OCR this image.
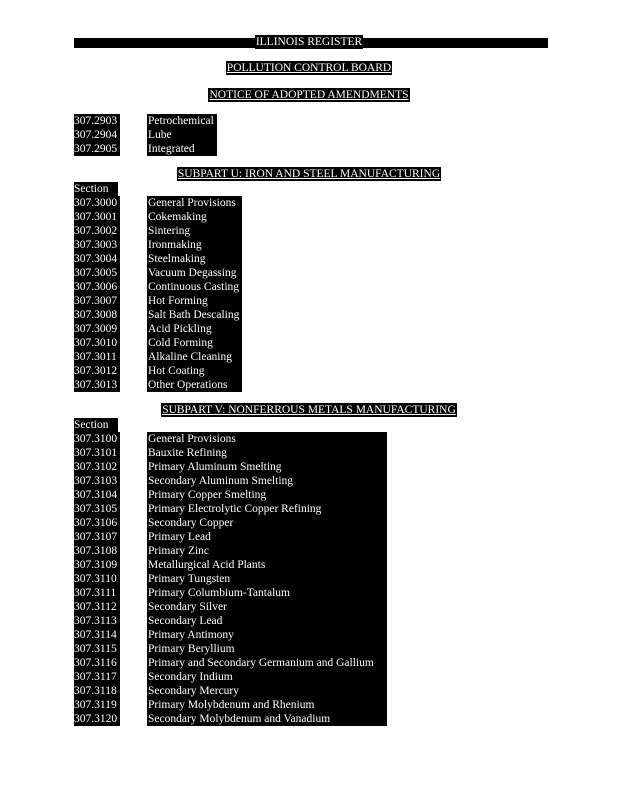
ILLINOIS REGISTER
POLLUTION CONTROL BOARD
NOTICE OF ADOPTED AMENDMENTS
307.2903	Petrochemical
307.2904	Lube
307.2905	Integrated
SUBPART U: IRON AND STEEL MANUFACTURING
Section
307.3000	General Provisions
307.3001	Cokemaking
307.3002	Sintering
307.3003	Ironmaking
307.3004	Steelmaking
307.3005	Vacuum Degassing
307.3006	Continuous Casting
307.3007	Hot Forming
307.3008	Salt Bath Descaling
307.3009	Acid Pickling
307.3010	Cold Forming
307.3011	Alkaline Cleaning
307.3012	Hot Coating
307.3013	Other Operations
SUBPART V: NONFERROUS METALS MANUFACTURING
Section
307.3100	General Provisions
307.3101	Bauxite Refining
307.3102	Primary Aluminum Smelting
307.3103	Secondary Aluminum Smelting
307.3104	Primary Copper Smelting
307.3105	Primary Electrolytic Copper Refining
307.3106	Secondary Copper
307.3107	Primary Lead
307.3108	Primary Zinc
307.3109	Metallurgical Acid Plants
307.3110	Primary Tungsten
307.3111	Primary Columbium-Tantalum
307.3112	Secondary Silver
307.3113	Secondary Lead
307.3114	Primary Antimony
307.3115	Primary Beryllium
307.3116	Primary and Secondary Germanium and Gallium
307.3117	Secondary Indium
307.3118	Secondary Mercury
307.3119	Primary Molybdenum and Rhenium
307.3120	Secondary Molybdenum and Vanadium
